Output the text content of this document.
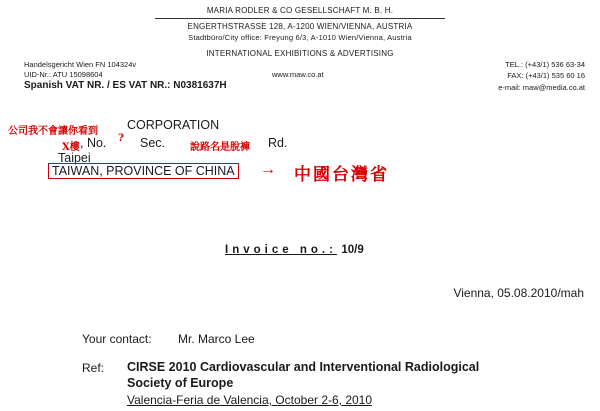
MARIA RODLER & CO GESELLSCHAFT M. B. H.
ENGERTHSTRASSE 128, A-1200 WIEN/VIENNA, AUSTRIA
Stadtbüro/City office: Freyung 6/3, A-1010 Wien/Vienna, Austria
INTERNATIONAL EXHIBITIONS & ADVERTISING
Handelsgericht Wien FN 104324v
UID-Nr.: ATU 15098604
Spanish VAT NR. / ES VAT NR.: N0381637H
www.maw.co.at
TEL.: (+43/1) 536 63-34
FAX: (+43/1) 535 60 16
e-mail: maw@media.co.at
公司我不會讓你看到 CORPORATION
X樓 , No. ? Sec. 說路名是脫褲 Rd.
Taipei
TAIWAN, PROVINCE OF CHINA → 中國台灣省
Invoice no.: 10/9
Vienna, 05.08.2010/mah
Your contact: Mr. Marco Lee
Ref: CIRSE 2010 Cardiovascular and Interventional Radiological
Society of Europe
Valencia-Feria de Valencia, October 2-6, 2010
